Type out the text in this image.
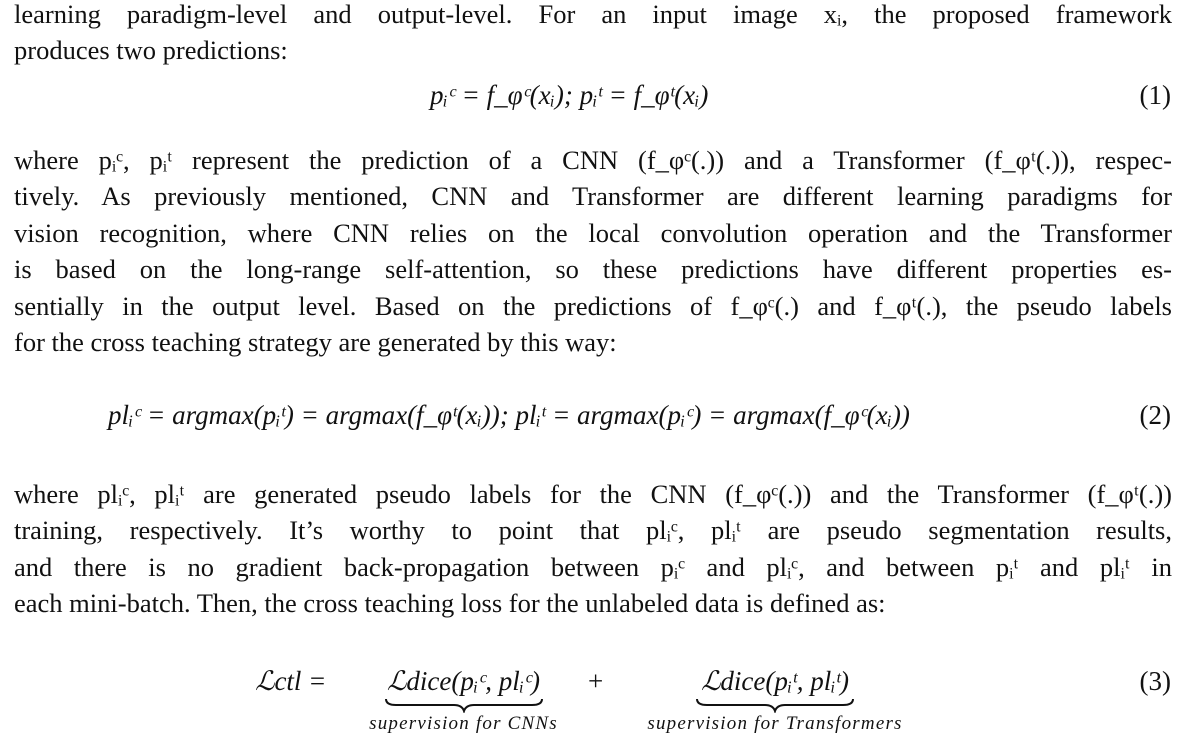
learning paradigm-level and output-level. For an input image xᵢ, the proposed framework
produces two predictions:
pᵢᶜ = f_φᶜ(xᵢ); pᵢᵗ = f_φᵗ(xᵢ)	(1)
where pᵢᶜ, pᵢᵗ represent the prediction of a CNN (f_φᶜ(.)) and a Transformer (f_φᵗ(.)), respec-
tively. As previously mentioned, CNN and Transformer are different learning paradigms for
vision recognition, where CNN relies on the local convolution operation and the Transformer
is based on the long-range self-attention, so these predictions have different properties es-
sentially in the output level. Based on the predictions of f_φᶜ(.) and f_φᵗ(.), the pseudo labels
for the cross teaching strategy are generated by this way:
plᵢᶜ = argmax(pᵢᵗ) = argmax(f_φᵗ(xᵢ)); plᵢᵗ = argmax(pᵢᶜ) = argmax(f_φᶜ(xᵢ))	(2)
where plᵢᶜ, plᵢᵗ are generated pseudo labels for the CNN (f_φᶜ(.)) and the Transformer (f_φᵗ(.))
training, respectively. It’s worthy to point that plᵢᶜ, plᵢᵗ are pseudo segmentation results,
and there is no gradient back-propagation between pᵢᶜ and plᵢᶜ, and between pᵢᵗ and plᵢᵗ in
each mini-batch. Then, the cross teaching loss for the unlabeled data is defined as:
ℒctl =	ℒdice(pᵢᶜ, plᵢᶜ)
supervision for CNNs
+	ℒdice(pᵢᵗ, plᵢᵗ)
supervision for Transformers
(3)
